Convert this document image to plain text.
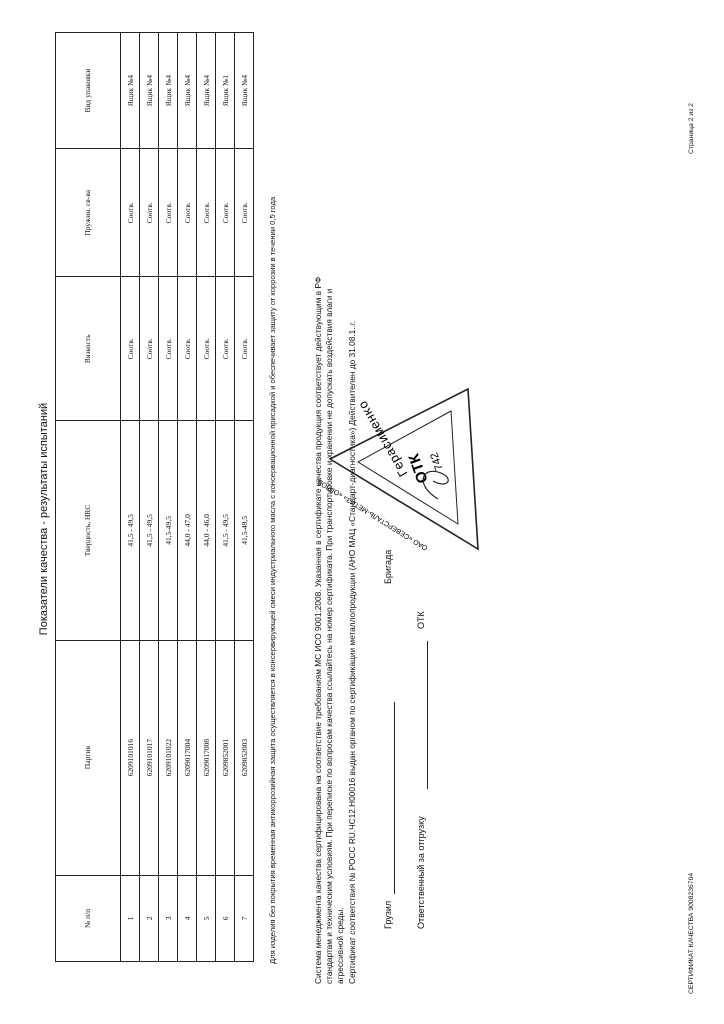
Показатели качества - результаты испытаний
№ п/п	Партия	Твердость, HRC	Вязкость	Пружин. св-ва	Вид упаковки
1	6209101016	41,5 - 49,5	Соотв.	Соотв.	Ящик №4
2	6209101017	41,5 - 49,5	Соотв.	Соотв.	Ящик №4
3	6209101022	41,5-49,5	Соотв.	Соотв.	Ящик №4
4	6209017004	44,0 - 47,0	Соотв.	Соотв.	Ящик №4
5	6209017008	44,0 - 46,0	Соотв.	Соотв.	Ящик №4
6	6209852001	41,5 - 49,5	Соотв.	Соотв.	Ящик №1
7	6209852003	41,5-49,5	Соотв.	Соотв.	Ящик №4
Для изделия без покрытия временная антикоррозийная защита осуществляется в консервирующей смеси индустриального масла с консервационной присадкой и обеспечивает защиту от коррозии в течении 0,5 года	Система менеджмента качества сертифицирована на соответствие требованиям МС ИСО 9001:2008. Указанная в сертификате качества продукция соответствует действующим в РФ стандартам и техническим условиям. При переписке по вопросам качества ссылайтесь на номер сертификата. При транспортировке и хранении не допускать воздействия влаги и агрессивной среды. Сертификат соответствия № РОСС RU.ЧС12.Н00016 выдан органом по сертификации металлопродукции (АНО МАЦ «Стандарт-диагностика») Действителен до 31.08.1..г.	Грузил
Бригада
Ответственный за отгрузку
ОТК
ОАО «СЕВЕРСТАЛЬ-МЕТИЗ» «ОРЛОВСКИЙ»	ОТК
742
Герасименко
СЕРТИФИКАТ КАЧЕСТВА 9008236704
Страница 2 из 2
